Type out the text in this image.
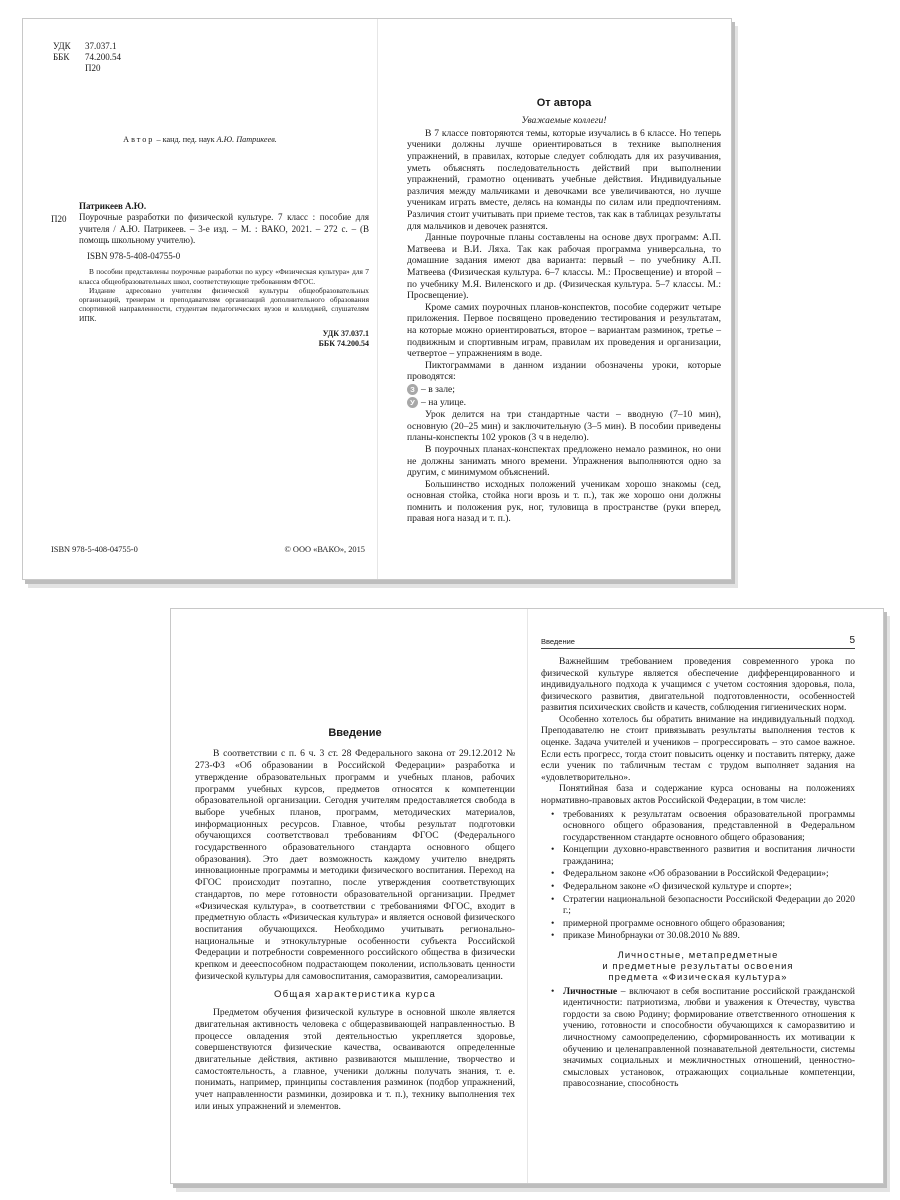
УДК 37.037.1
ББК 74.200.54
П20
Автор – канд. пед. наук А.Ю. Патрикеев.
Патрикеев А.Ю.
П20	Поурочные разработки по физической культуре. 7 класс : пособие для учителя / А.Ю. Патрикеев. – 3-е изд. – М. : ВАКО, 2021. – 272 с. – (В помощь школьному учителю).
ISBN 978-5-408-04755-0

В пособии представлены поурочные разработки по курсу «Физическая культура» для 7 класса общеобразовательных школ, соответствующие требованиям ФГОС.

Издание адресовано учителям физической культуры общеобразовательных организаций, тренерам и преподавателям организаций дополнительного образования спортивной направленности, студентам педагогических вузов и колледжей, слушателям ИПК.

УДК 37.037.1
ББК 74.200.54
ISBN 978-5-408-04755-0	© ООО «ВАКО», 2015
От автора
Уважаемые коллеги!

В 7 классе повторяются темы, которые изучались в 6 классе. Но теперь ученики должны лучше ориентироваться в технике выполнения упражнений, в правилах, которые следует соблюдать для их разучивания, уметь объяснять последовательность действий при выполнении упражнений, грамотно оценивать учебные действия. Индивидуальные различия между мальчиками и девочками все увеличиваются, но лучше ученикам играть вместе, делясь на команды по силам или предпочтениям. Различия стоит учитывать при приеме тестов, так как в таблицах результаты для мальчиков и девочек разнятся.

Данные поурочные планы составлены на основе двух программ: А.П. Матвеева и В.И. Ляха. Так как рабочая программа универсальна, то домашние задания имеют два варианта: первый – по учебнику А.П. Матвеева (Физическая культура. 6–7 классы. М.: Просвещение) и второй – по учебнику М.Я. Виленского и др. (Физическая культура. 5–7 классы. М.: Просвещение).

Кроме самих поурочных планов-конспектов, пособие содержит четыре приложения. Первое посвящено проведению тестирования и результатам, на которые можно ориентироваться, второе – вариантам разминок, третье – подвижным и спортивным играм, правилам их проведения и организации, четвертое – упражнениям в воде.

Пиктограммами в данном издании обозначены уроки, которые проводятся:

З – в зале;
У – на улице.

Урок делится на три стандартные части – вводную (7–10 мин), основную (20–25 мин) и заключительную (3–5 мин). В пособии приведены планы-конспекты 102 уроков (3 ч в неделю).

В поурочных планах-конспектах предложено немало разминок, но они не должны занимать много времени. Упражнения выполняются одно за другим, с минимумом объяснений.

Большинство исходных положений ученикам хорошо знакомы (сед, основная стойка, стойка ноги врозь и т. п.), так же хорошо они должны помнить и положения рук, ног, туловища в пространстве (руки вперед, правая нога назад и т. п.).

Введение

В соответствии с п. 6 ч. 3 ст. 28 Федерального закона от 29.12.2012 № 273-ФЗ «Об образовании в Российской Федерации» разработка и утверждение образовательных программ и учебных планов, рабочих программ учебных курсов, предметов относятся к компетенции образовательной организации. Сегодня учителям предоставляется свобода в выборе учебных планов, программ, методических материалов, информационных ресурсов. Главное, чтобы результат подготовки обучающихся соответствовал требованиям ФГОС (Федерального государственного образовательного стандарта основного общего образования). Это дает возможность каждому учителю внедрять инновационные программы и методики физического воспитания. Переход на ФГОС происходит поэтапно, после утверждения соответствующих стандартов, по мере готовности образовательной организации. Предмет «Физическая культура», в соответствии с требованиями ФГОС, входит в предметную область «Физическая культура» и является основой физического воспитания обучающихся. Необходимо учитывать регионально-национальные и этнокультурные особенности субъекта Российской Федерации и потребности современного российского общества в физически крепком и деееспособном подрастающем поколении, использовать ценности физической культуры для самовоспитания, саморазвития, самореализации.

Общая характеристика курса

Предметом обучения физической культуре в основной школе является двигательная активность человека с общеразвивающей направленностью. В процессе овладения этой деятельностью укрепляется здоровье, совершенствуются физические качества, осваиваются определенные двигательные действия, активно развиваются мышление, творчество и самостоятельность, а главное, ученики должны получать знания, т. е. понимать, например, принципы составления разминок (подбор упражнений, учет направленности разминки, дозировка и т. п.), технику выполнения тех или иных упражнений и элементов.

Введение	5

Важнейшим требованием проведения современного урока по физической культуре является обеспечение дифференцированного и индивидуального подхода к учащимся с учетом состояния здоровья, пола, физического развития, двигательной подготовленности, особенностей развития психических свойств и качеств, соблюдения гигиенических норм.

Особенно хотелось бы обратить внимание на индивидуальный подход. Преподавателю не стоит привязывать результаты выполнения тестов к оценке. Задача учителей и учеников – прогрессировать – это самое важное. Если есть прогресс, тогда стоит повысить оценку и поставить пятерку, даже если ученик по табличным тестам с трудом выполняет задания на «удовлетворительно».

Понятийная база и содержание курса основаны на положениях нормативно-правовых актов Российской Федерации, в том числе:

• требованиях к результатам освоения образовательной программы основного общего образования, представленной в Федеральном государственном стандарте основного общего образования;
• Концепции духовно-нравственного развития и воспитания личности гражданина;
• Федеральном законе «Об образовании в Российской Федерации»;
• Федеральном законе «О физической культуре и спорте»;
• Стратегии национальной безопасности Российской Федерации до 2020 г.;
• примерной программе основного общего образования;
• приказе Минобрнауки от 30.08.2010 № 889.
Личностные, метапредметные
и предметные результаты освоения
предмета «Физическая культура»
• Личностные – включают в себя воспитание российской гражданской идентичности: патриотизма, любви и уважения к Отечеству, чувства гордости за свою Родину; формирование ответственного отношения к учению, готовности и способности обучающихся к саморазвитию и личностному самоопределению, сформированность их мотивации к обучению и целенаправленной познавательной деятельности, системы значимых социальных и межличностных отношений, ценностно-смысловых установок, отражающих социальные компетенции, правосознание, способность
